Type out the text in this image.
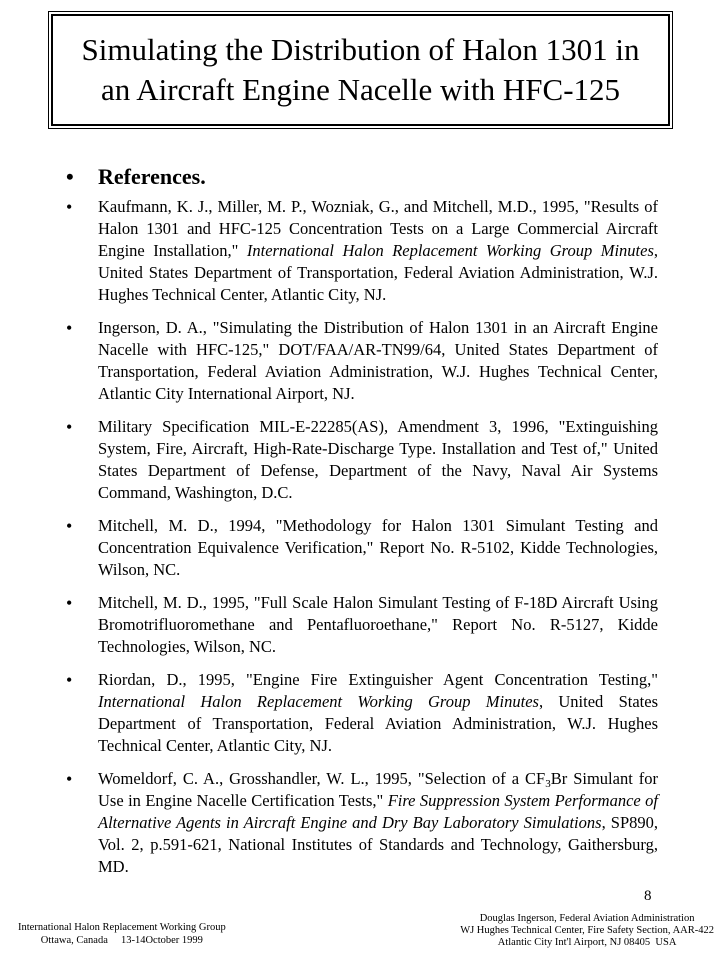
Simulating the Distribution of Halon 1301 in
an Aircraft Engine Nacelle with HFC-125
• References.
• Kaufmann, K. J., Miller, M. P., Wozniak, G., and Mitchell, M.D., 1995, "Results of Halon 1301 and HFC-125 Concentration Tests on a Large Commercial Aircraft Engine Installation," International Halon Replacement Working Group Minutes, United States Department of Transportation, Federal Aviation Administration, W.J. Hughes Technical Center, Atlantic City, NJ.
• Ingerson, D. A., "Simulating the Distribution of Halon 1301 in an Aircraft Engine Nacelle with HFC-125," DOT/FAA/AR-TN99/64, United States Department of Transportation, Federal Aviation Administration, W.J. Hughes Technical Center, Atlantic City International Airport, NJ.
• Military Specification MIL-E-22285(AS), Amendment 3, 1996, "Extinguishing System, Fire, Aircraft, High-Rate-Discharge Type. Installation and Test of," United States Department of Defense, Department of the Navy, Naval Air Systems Command, Washington, D.C.
• Mitchell, M. D., 1994, "Methodology for Halon 1301 Simulant Testing and Concentration Equivalence Verification," Report No. R-5102, Kidde Technologies, Wilson, NC.
• Mitchell, M. D., 1995, "Full Scale Halon Simulant Testing of F-18D Aircraft Using Bromotrifluoromethane and Pentafluoroethane," Report No. R-5127, Kidde Technologies, Wilson, NC.
• Riordan, D., 1995, "Engine Fire Extinguisher Agent Concentration Testing," International Halon Replacement Working Group Minutes, United States Department of Transportation, Federal Aviation Administration, W.J. Hughes Technical Center, Atlantic City, NJ.
• Womeldorf, C. A., Grosshandler, W. L., 1995, "Selection of a $CF_3Br$ Simulant for Use in Engine Nacelle Certification Tests," Fire Suppression System Performance of Alternative Agents in Aircraft Engine and Dry Bay Laboratory Simulations, SP890, Vol. 2, p.591-621, National Institutes of Standards and Technology, Gaithersburg, MD.
8
International Halon Replacement Working Group
Ottawa, Canada     13-14October 1999
Douglas Ingerson, Federal Aviation Administration
WJ Hughes Technical Center, Fire Safety Section, AAR-422
Atlantic City Int'l Airport, NJ 08405  USA
